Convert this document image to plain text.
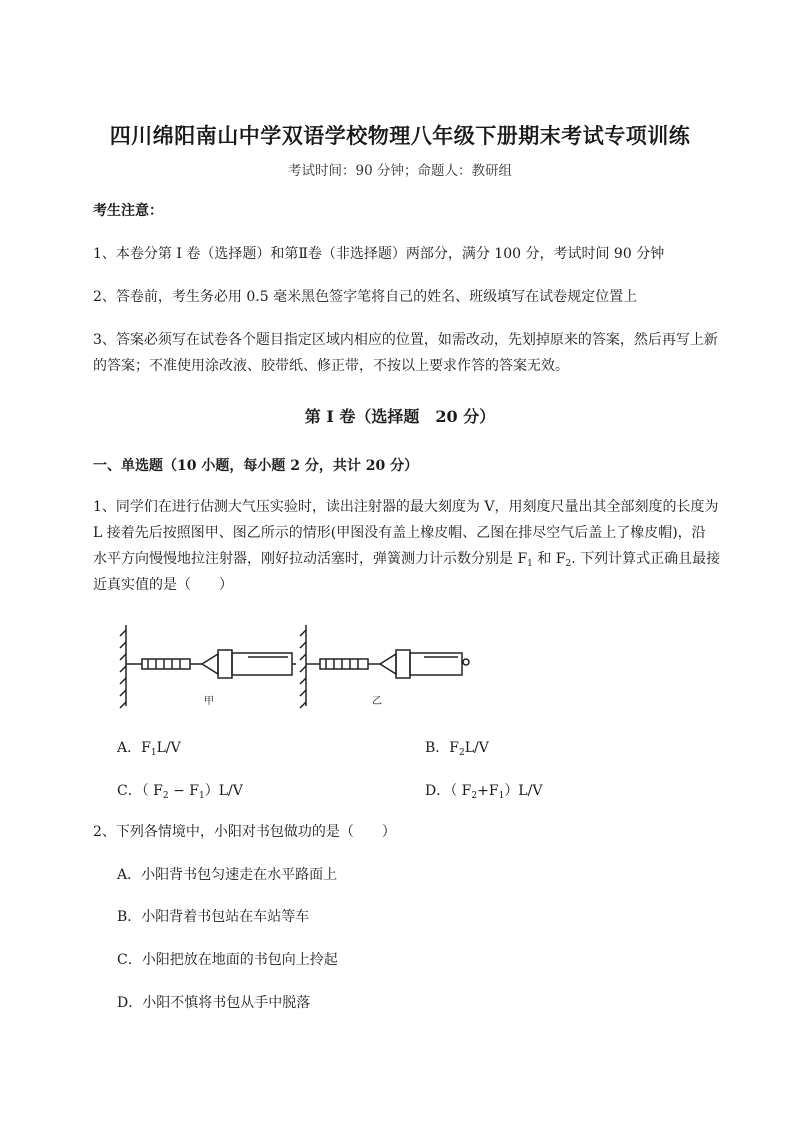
四川绵阳南山中学双语学校物理八年级下册期末考试专项训练
考试时间：90 分钟；命题人：教研组
考生注意：
1、本卷分第 I 卷（选择题）和第Ⅱ卷（非选择题）两部分，满分 100 分，考试时间 90 分钟
2、答卷前，考生务必用 0.5 毫米黑色签字笔将自己的姓名、班级填写在试卷规定位置上
3、答案必须写在试卷各个题目指定区域内相应的位置，如需改动，先划掉原来的答案，然后再写上新
的答案；不准使用涂改液、胶带纸、修正带，不按以上要求作答的答案无效。
第 I 卷（选择题　20 分）
一、单选题（10 小题，每小题 2 分，共计 20 分）
1、同学们在进行估测大气压实验时，读出注射器的最大刻度为 V，用刻度尺量出其全部刻度的长度为
L 接着先后按照图甲、图乙所示的情形(甲图没有盖上橡皮帽、乙图在排尽空气后盖上了橡皮帽)，沿
水平方向慢慢地拉注射器，刚好拉动活塞时，弹簧测力计示数分别是 $F_1$ 和 $F_2$. 下列计算式正确且最接
近真实值的是（　　）
甲	乙
A．$F_1L/V$	B．$F_2L/V$
C．（ $F_2 - F_1)L/V$	D．（ $F_2+F_1)L/V$
2、下列各情境中，小阳对书包做功的是（　　）
A．小阳背书包匀速走在水平路面上
B．小阳背着书包站在车站等车
C．小阳把放在地面的书包向上拎起
D．小阳不慎将书包从手中脱落
